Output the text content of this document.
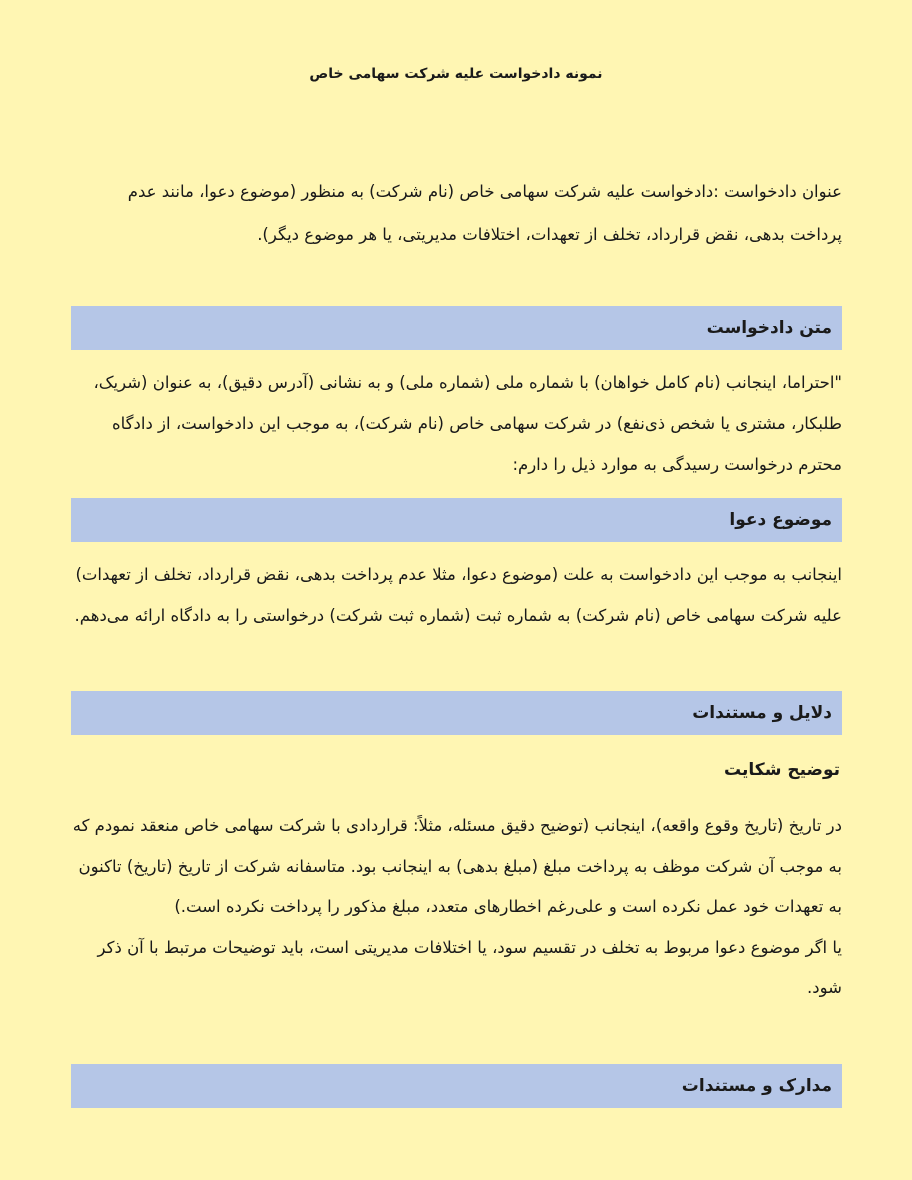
نمونه دادخواست علیه شرکت سهامی خاص

عنوان دادخواست :دادخواست علیه شرکت سهامی خاص (نام شرکت) به منظور (موضوع دعوا، مانند عدم پرداخت بدهی، نقض قرارداد، تخلف از تعهدات، اختلافات مدیریتی، یا هر موضوع دیگر).

متن دادخواست

"احتراما، اینجانب (نام کامل خواهان) با شماره ملی (شماره ملی) و به نشانی (آدرس دقیق)، به عنوان (شریک، طلبکار، مشتری یا شخص ذی‌نفع) در شرکت سهامی خاص (نام شرکت)، به موجب این دادخواست، از دادگاه محترم درخواست رسیدگی به موارد ذیل را دارم:

موضوع دعوا

اینجانب به موجب این دادخواست به علت (موضوع دعوا، مثلا عدم پرداخت بدهی، نقض قرارداد، تخلف از تعهدات) علیه شرکت سهامی خاص (نام شرکت) به شماره ثبت (شماره ثبت شرکت) درخواستی را به دادگاه ارائه می‌دهم.

دلایل و مستندات
توضیح شکایت
در تاریخ (تاریخ وقوع واقعه)، اینجانب (توضیح دقیق مسئله، مثلاً: قراردادی با شرکت سهامی خاص منعقد نمودم که به موجب آن شرکت موظف به پرداخت مبلغ (مبلغ بدهی) به اینجانب بود. متاسفانه شرکت از تاریخ (تاریخ) تاکنون به تعهدات خود عمل نکرده است و علی‌رغم اخطارهای متعدد، مبلغ مذکور را پرداخت نکرده است.)
یا اگر موضوع دعوا مربوط به تخلف در تقسیم سود، یا اختلافات مدیریتی است، باید توضیحات مرتبط با آن ذکر شود.
مدارک و مستندات
